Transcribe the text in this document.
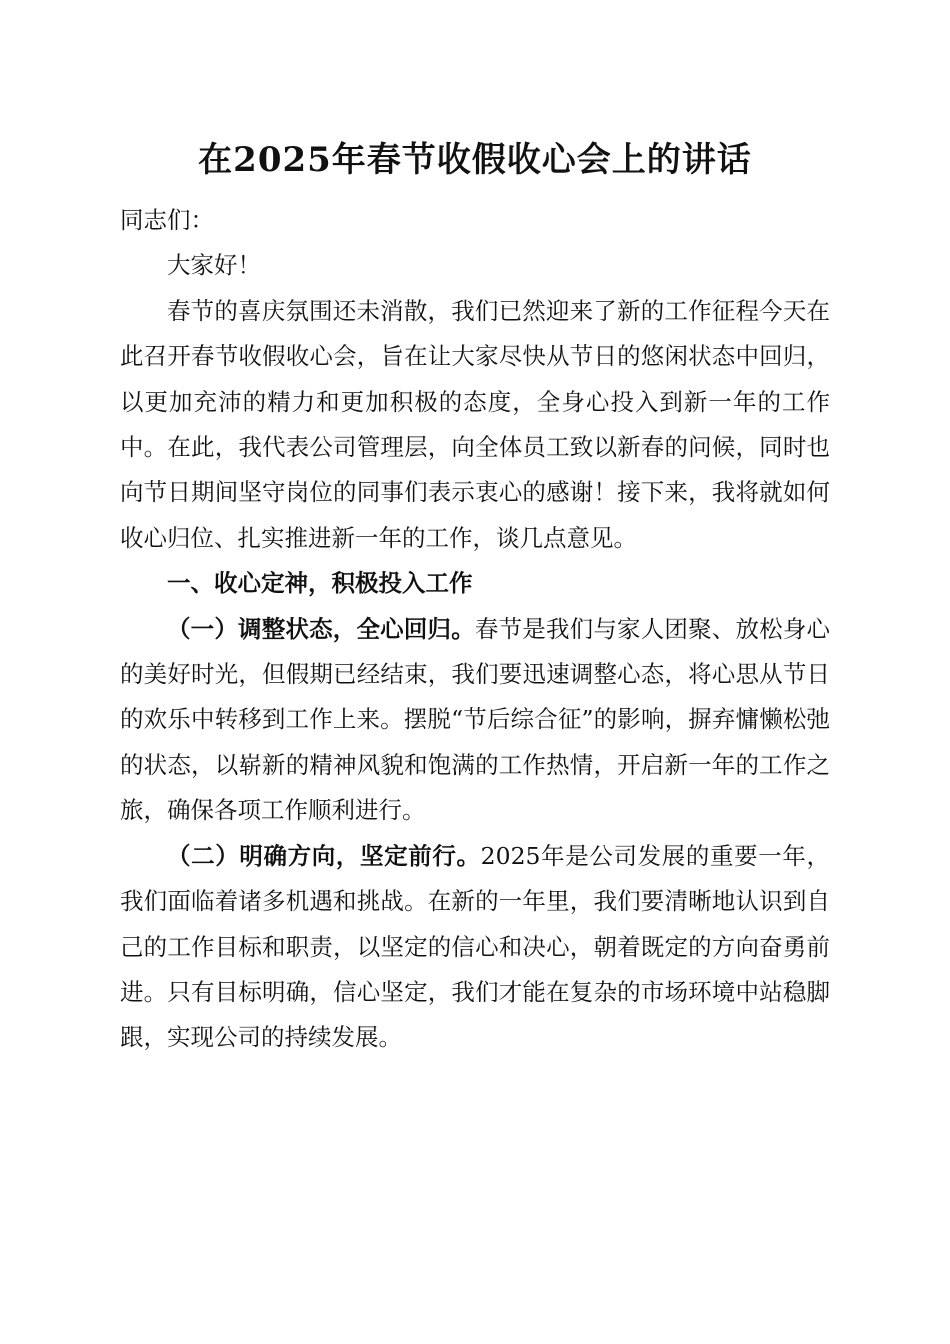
在2025年春节收假收心会上的讲话

同志们：

大家好！

春节的喜庆氛围还未消散，我们已然迎来了新的工作征程今天在此召开春节收假收心会，旨在让大家尽快从节日的悠闲状态中回归，以更加充沛的精力和更加积极的态度，全身心投入到新一年的工作中。在此，我代表公司管理层，向全体员工致以新春的问候，同时也向节日期间坚守岗位的同事们表示衷心的感谢！接下来，我将就如何收心归位、扎实推进新一年的工作，谈几点意见。

一、收心定神，积极投入工作

（一）调整状态，全心回归。春节是我们与家人团聚、放松身心的美好时光，但假期已经结束，我们要迅速调整心态，将心思从节日的欢乐中转移到工作上来。摆脱“节后综合征”的影响，摒弃慵懒松弛的状态，以崭新的精神风貌和饱满的工作热情，开启新一年的工作之旅，确保各项工作顺利进行。

（二）明确方向，坚定前行。2025年是公司发展的重要一年，我们面临着诸多机遇和挑战。在新的一年里，我们要清晰地认识到自己的工作目标和职责，以坚定的信心和决心，朝着既定的方向奋勇前进。只有目标明确，信心坚定，我们才能在复杂的市场环境中站稳脚跟，实现公司的持续发展。
